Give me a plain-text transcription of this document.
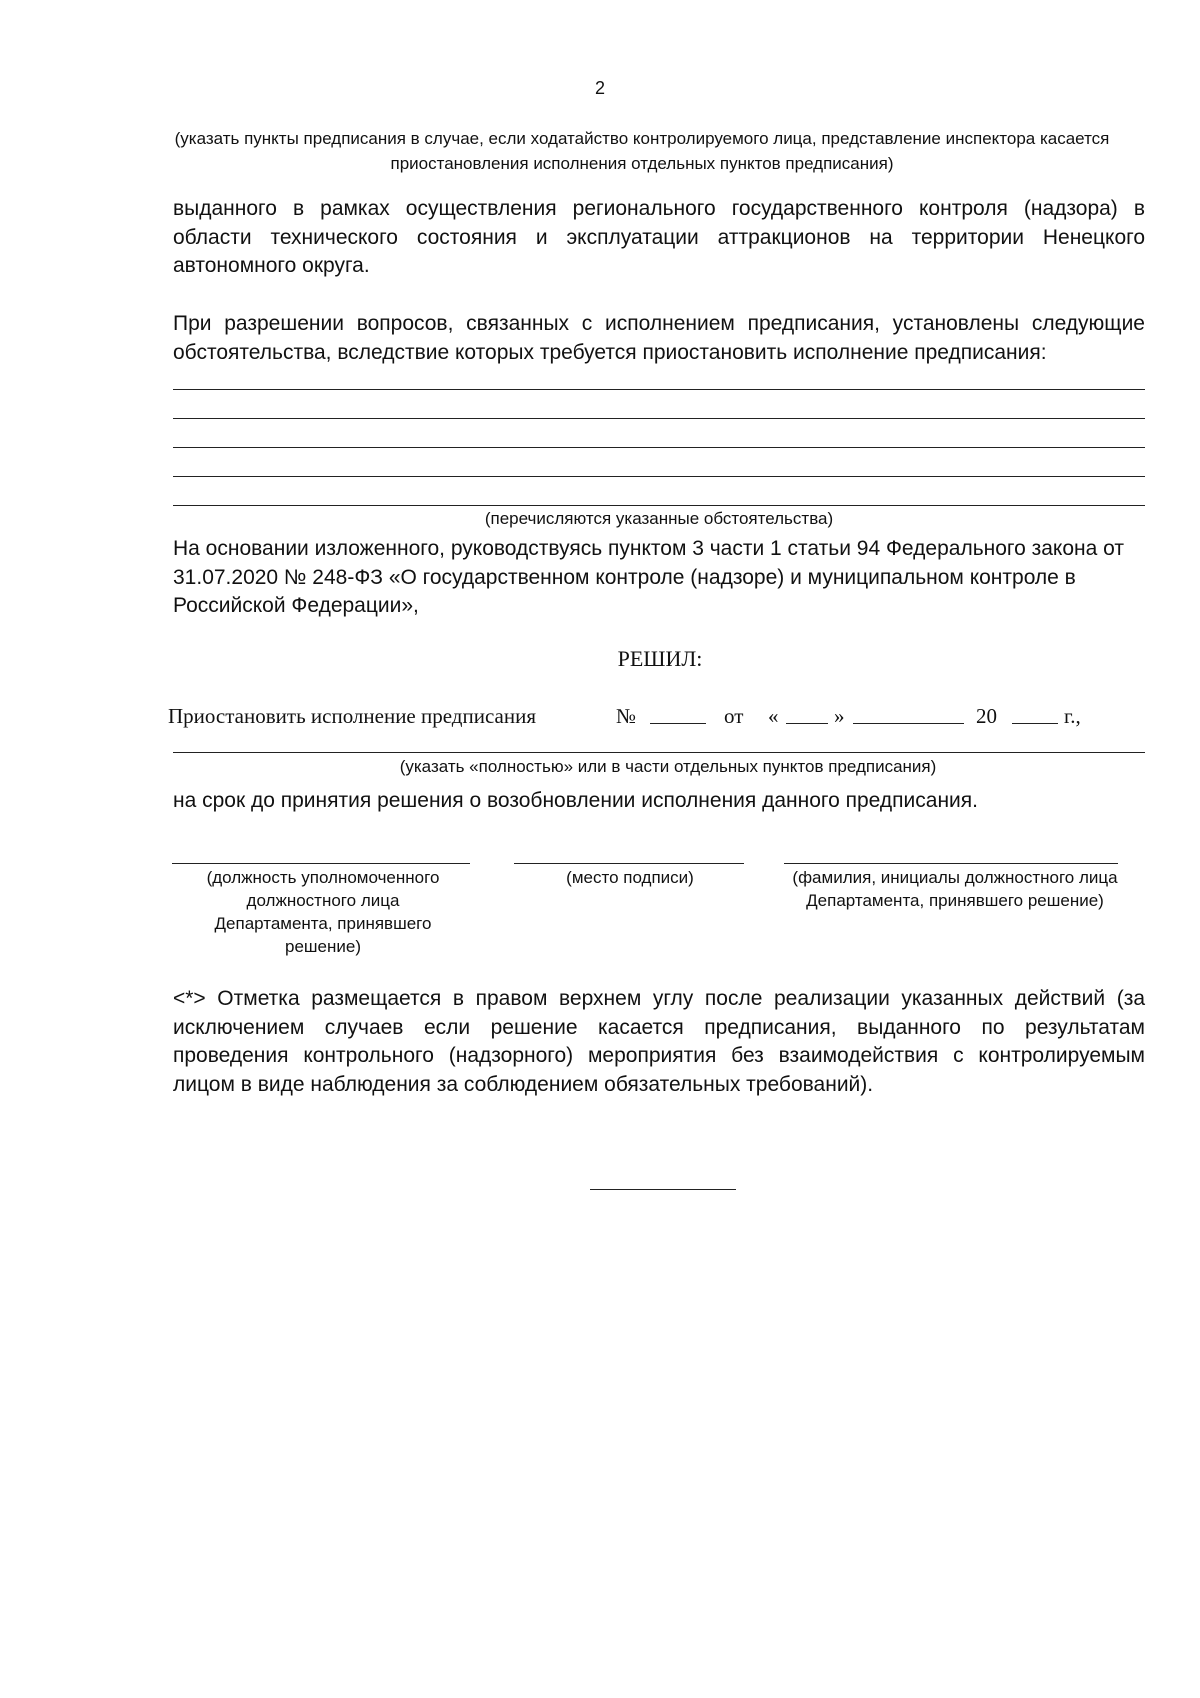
2
(указать пункты предписания в случае, если ходатайство контролируемого лица, представление инспектора касается приостановления исполнения отдельных пунктов предписания)
выданного в рамках осуществления регионального государственного контроля (надзора) в области технического состояния и эксплуатации аттракционов на территории Ненецкого автономного округа.
При разрешении вопросов, связанных с исполнением предписания, установлены следующие обстоятельства, вследствие которых требуется приостановить исполнение предписания:
(перечисляются указанные обстоятельства)
На основании изложенного, руководствуясь пунктом 3 части 1 статьи 94 Федерального закона от 31.07.2020 № 248-ФЗ «О государственном контроле (надзоре) и муниципальном контроле в Российской Федерации»,
РЕШИЛ:
Приостановить исполнение предписания	№	от «	»	20	г.,
(указать «полностью» или в части отдельных пунктов предписания)
на срок до принятия решения о возобновлении исполнения данного предписания.
(должность уполномоченного должностного лица Департамента, принявшего решение)
(место подписи)	(фамилия, инициалы должностного лица Департамента, принявшего решение)
<*> Отметка размещается в правом верхнем углу после реализации указанных действий (за исключением случаев если решение касается предписания, выданного по результатам проведения контрольного (надзорного) мероприятия без взаимодействия с контролируемым лицом в виде наблюдения за соблюдением обязательных требований).
